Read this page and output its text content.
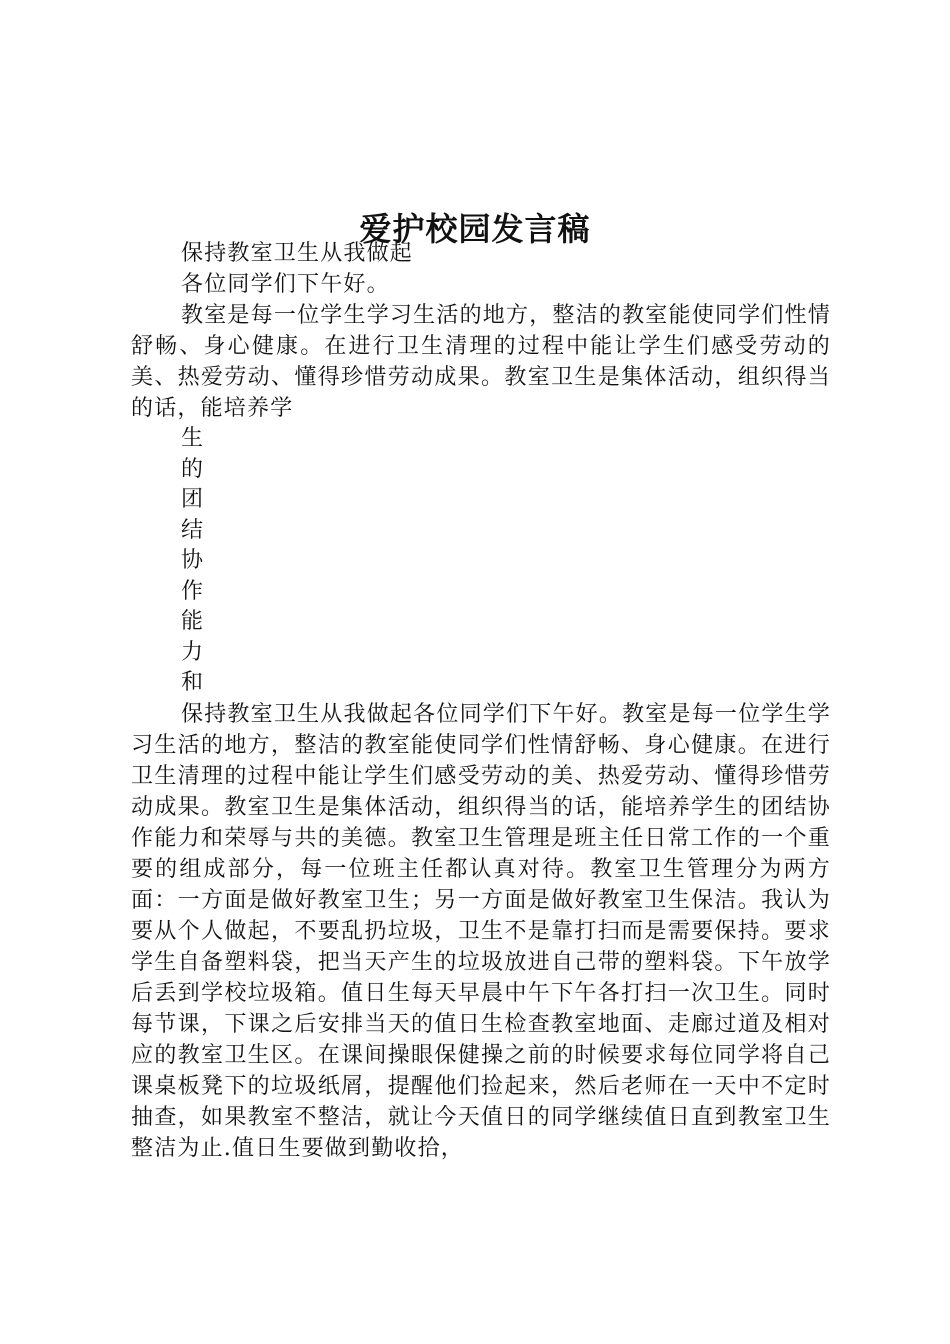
爱护校园发言稿

保持教室卫生从我做起

各位同学们下午好。

教室是每一位学生学习生活的地方，整洁的教室能使同学们性情舒畅、身心健康。在进行卫生清理的过程中能让学生们感受劳动的美、热爱劳动、懂得珍惜劳动成果。教室卫生是集体活动，组织得当的话，能培养学

生
的
团
结
协
作
能
力
和

保持教室卫生从我做起各位同学们下午好。教室是每一位学生学习生活的地方，整洁的教室能使同学们性情舒畅、身心健康。在进行卫生清理的过程中能让学生们感受劳动的美、热爱劳动、懂得珍惜劳动成果。教室卫生是集体活动，组织得当的话，能培养学生的团结协作能力和荣辱与共的美德。教室卫生管理是班主任日常工作的一个重要的组成部分，每一位班主任都认真对待。教室卫生管理分为两方面：一方面是做好教室卫生；另一方面是做好教室卫生保洁。我认为要从个人做起，不要乱扔垃圾，卫生不是靠打扫而是需要保持。要求学生自备塑料袋，把当天产生的垃圾放进自己带的塑料袋。下午放学后丢到学校垃圾箱。值日生每天早晨中午下午各打扫一次卫生。同时每节课，下课之后安排当天的值日生检查教室地面、走廊过道及相对应的教室卫生区。在课间操眼保健操之前的时候要求每位同学将自己课桌板凳下的垃圾纸屑，提醒他们捡起来，然后老师在一天中不定时抽查，如果教室不整洁，就让今天值日的同学继续值日直到教室卫生整洁为止.值日生要做到勤收拾，
